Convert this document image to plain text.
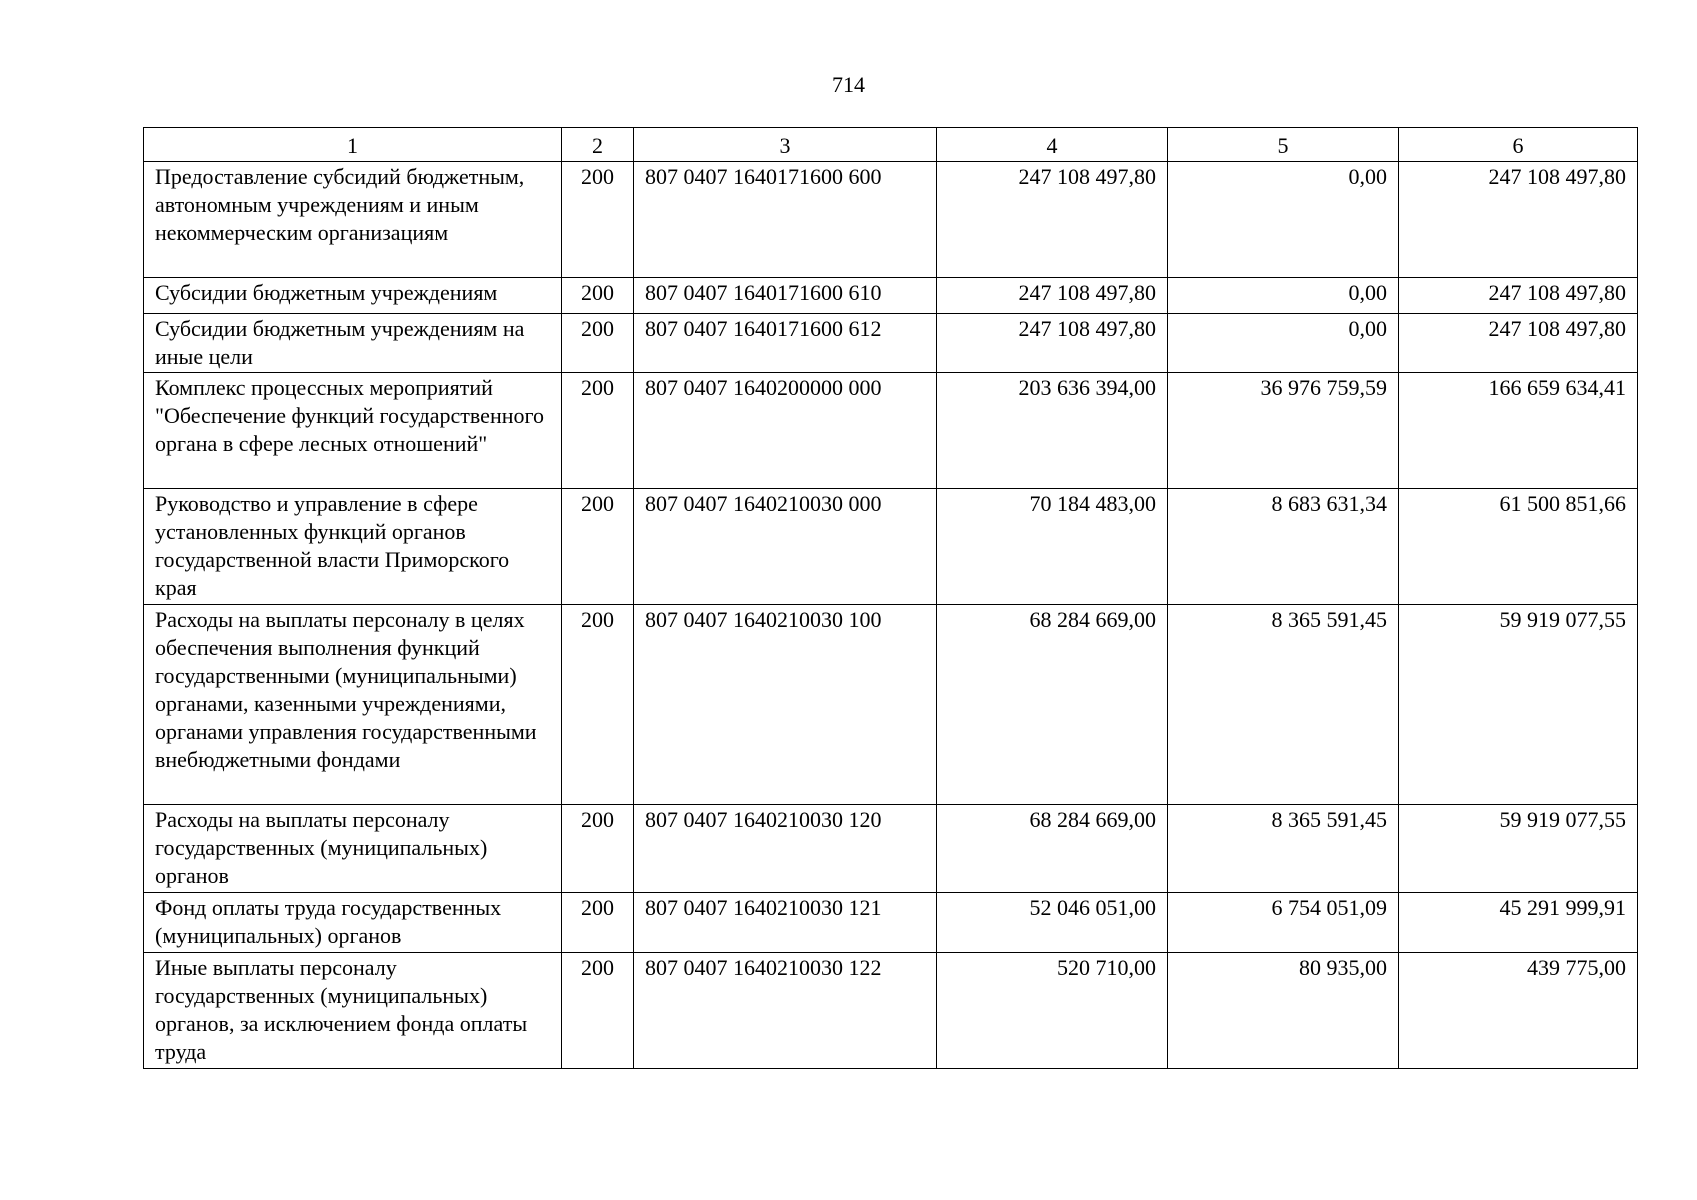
714
1	2	3	4	5	6
Предоставление субсидий бюджетным, автономным учреждениям и иным некоммерческим организациям	200	807 0407 1640171600 600	247 108 497,80	0,00	247 108 497,80
Субсидии бюджетным учреждениям	200	807 0407 1640171600 610	247 108 497,80	0,00	247 108 497,80
Субсидии бюджетным учреждениям на иные цели	200	807 0407 1640171600 612	247 108 497,80	0,00	247 108 497,80
Комплекс процессных мероприятий "Обеспечение функций государственного органа в сфере лесных отношений"	200	807 0407 1640200000 000	203 636 394,00	36 976 759,59	166 659 634,41
Руководство и управление в сфере установленных функций органов государственной власти Приморского края	200	807 0407 1640210030 000	70 184 483,00	8 683 631,34	61 500 851,66
Расходы на выплаты персоналу в целях обеспечения выполнения функций государственными (муниципальными) органами, казенными учреждениями, органами управления государственными внебюджетными фондами	200	807 0407 1640210030 100	68 284 669,00	8 365 591,45	59 919 077,55
Расходы на выплаты персоналу государственных (муниципальных) органов	200	807 0407 1640210030 120	68 284 669,00	8 365 591,45	59 919 077,55
Фонд оплаты труда государственных (муниципальных) органов	200	807 0407 1640210030 121	52 046 051,00	6 754 051,09	45 291 999,91
Иные выплаты персоналу государственных (муниципальных) органов, за исключением фонда оплаты труда	200	807 0407 1640210030 122	520 710,00	80 935,00	439 775,00
